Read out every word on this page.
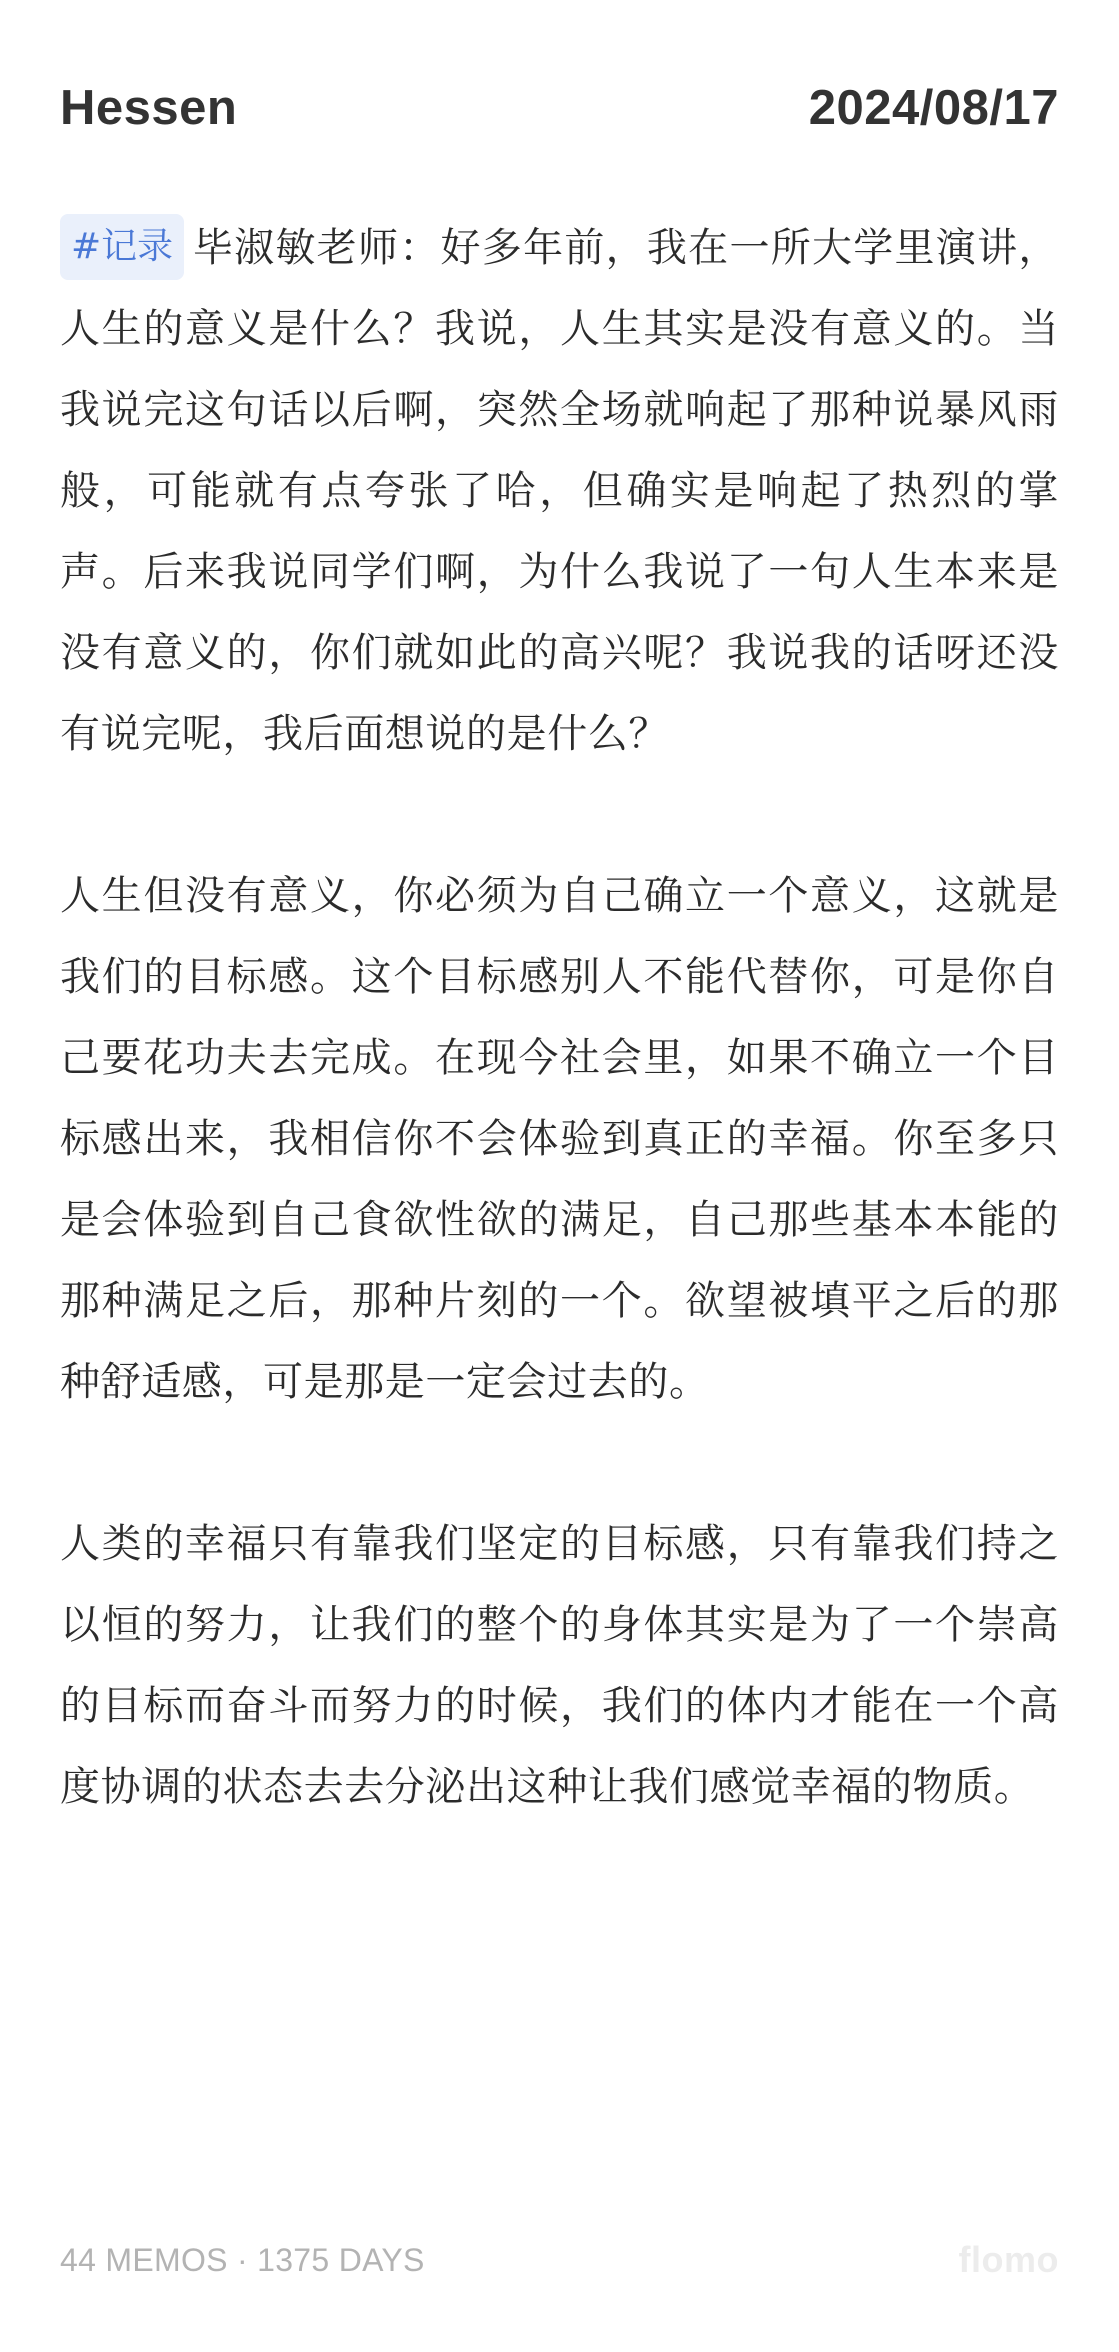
Hessen	2024/08/17

#记录 毕淑敏老师：好多年前，我在一所大学里演讲，人生的意义是什么？我说，人生其实是没有意义的。当我说完这句话以后啊，突然全场就响起了那种说暴风雨般，可能就有点夸张了哈，但确实是响起了热烈的掌声。后来我说同学们啊，为什么我说了一句人生本来是没有意义的，你们就如此的高兴呢？我说我的话呀还没有说完呢，我后面想说的是什么？

人生但没有意义，你必须为自己确立一个意义，这就是我们的目标感。这个目标感别人不能代替你，可是你自己要花功夫去完成。在现今社会里，如果不确立一个目标感出来，我相信你不会体验到真正的幸福。你至多只是会体验到自己食欲性欲的满足，自己那些基本本能的那种满足之后，那种片刻的一个。欲望被填平之后的那种舒适感，可是那是一定会过去的。

人类的幸福只有靠我们坚定的目标感，只有靠我们持之以恒的努力，让我们的整个的身体其实是为了一个崇高的目标而奋斗而努力的时候，我们的体内才能在一个高度协调的状态去去分泌出这种让我们感觉幸福的物质。

44 MEMOS · 1375 DAYS	flomo
